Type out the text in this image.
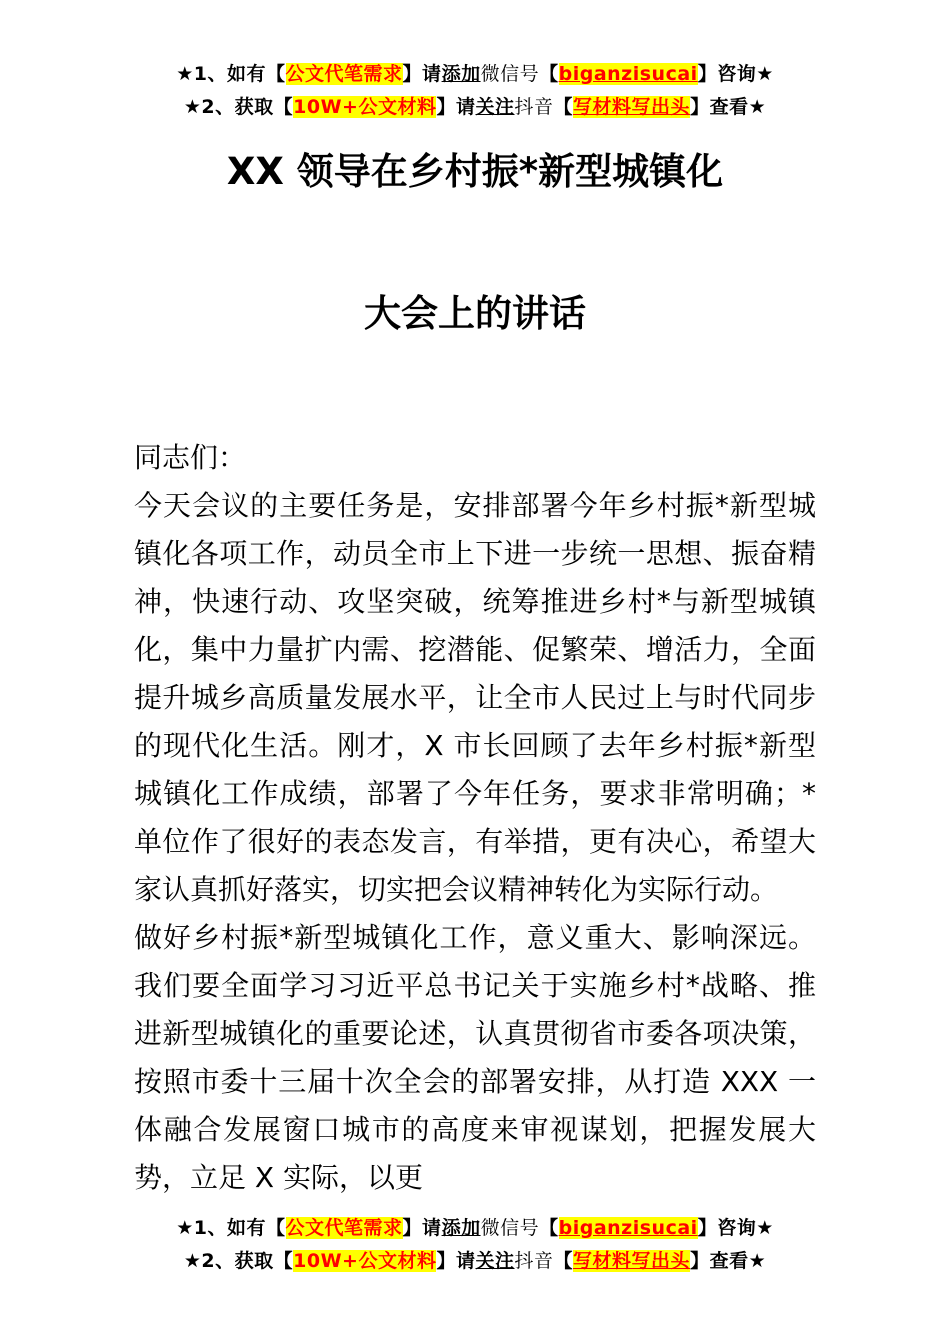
★1、如有【公文代笔需求】请添加微信号【biganzisucai】咨询★
★2、获取【10W+公文材料】请关注抖音【写材料写出头】查看★
XX 领导在乡村振*新型城镇化
大会上的讲话

同志们：

今天会议的主要任务是，安排部署今年乡村振*新型城镇化各项工作，动员全市上下进一步统一思想、振奋精神，快速行动、攻坚突破，统筹推进乡村*与新型城镇化，集中力量扩内需、挖潜能、促繁荣、增活力，全面提升城乡高质量发展水平，让全市人民过上与时代同步的现代化生活。刚才，X 市长回顾了去年乡村振*新型城镇化工作成绩，部署了今年任务，要求非常明确；*单位作了很好的表态发言，有举措，更有决心，希望大家认真抓好落实，切实把会议精神转化为实际行动。

做好乡村振*新型城镇化工作，意义重大、影响深远。我们要全面学习习近平总书记关于实施乡村*战略、推进新型城镇化的重要论述，认真贯彻省市委各项决策，按照市委十三届十次全会的部署安排，从打造 XXX 一体融合发展窗口城市的高度来审视谋划，把握发展大势，立足 X 实际，以更

★1、如有【公文代笔需求】请添加微信号【biganzisucai】咨询★
★2、获取【10W+公文材料】请关注抖音【写材料写出头】查看★
